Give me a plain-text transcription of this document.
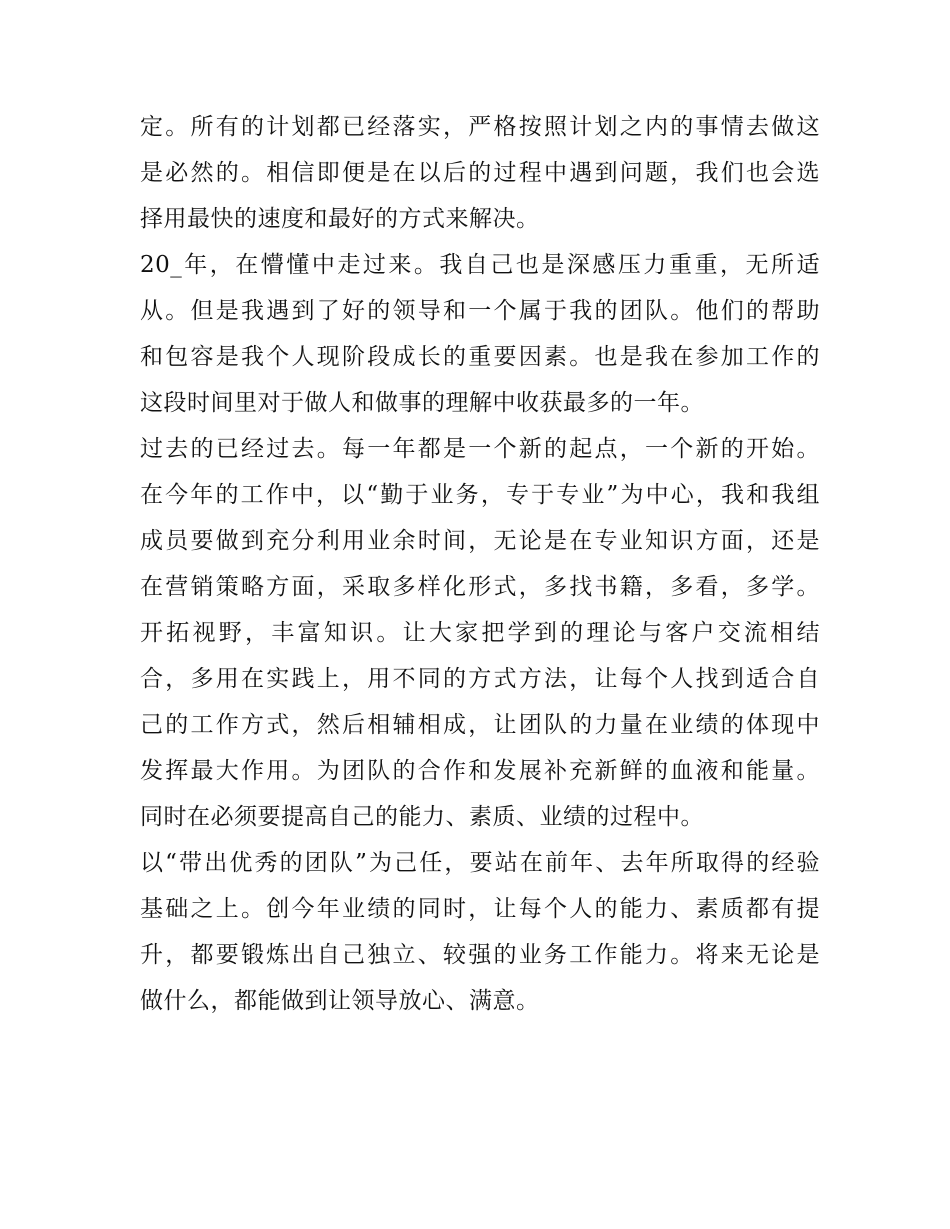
定。所有的计划都已经落实，严格按照计划之内的事情去做这
是必然的。相信即便是在以后的过程中遇到问题，我们也会选
择用最快的速度和最好的方式来解决。
20_年，在懵懂中走过来。我自己也是深感压力重重，无所适
从。但是我遇到了好的领导和一个属于我的团队。他们的帮助
和包容是我个人现阶段成长的重要因素。也是我在参加工作的
这段时间里对于做人和做事的理解中收获最多的一年。
过去的已经过去。每一年都是一个新的起点，一个新的开始。
在今年的工作中，以“勤于业务，专于专业”为中心，我和我组
成员要做到充分利用业余时间，无论是在专业知识方面，还是
在营销策略方面，采取多样化形式，多找书籍，多看，多学。
开拓视野，丰富知识。让大家把学到的理论与客户交流相结
合，多用在实践上，用不同的方式方法，让每个人找到适合自
己的工作方式，然后相辅相成，让团队的力量在业绩的体现中
发挥最大作用。为团队的合作和发展补充新鲜的血液和能量。
同时在必须要提高自己的能力、素质、业绩的过程中。
以“带出优秀的团队”为己任，要站在前年、去年所取得的经验
基础之上。创今年业绩的同时，让每个人的能力、素质都有提
升，都要锻炼出自己独立、较强的业务工作能力。将来无论是
做什么，都能做到让领导放心、满意。
